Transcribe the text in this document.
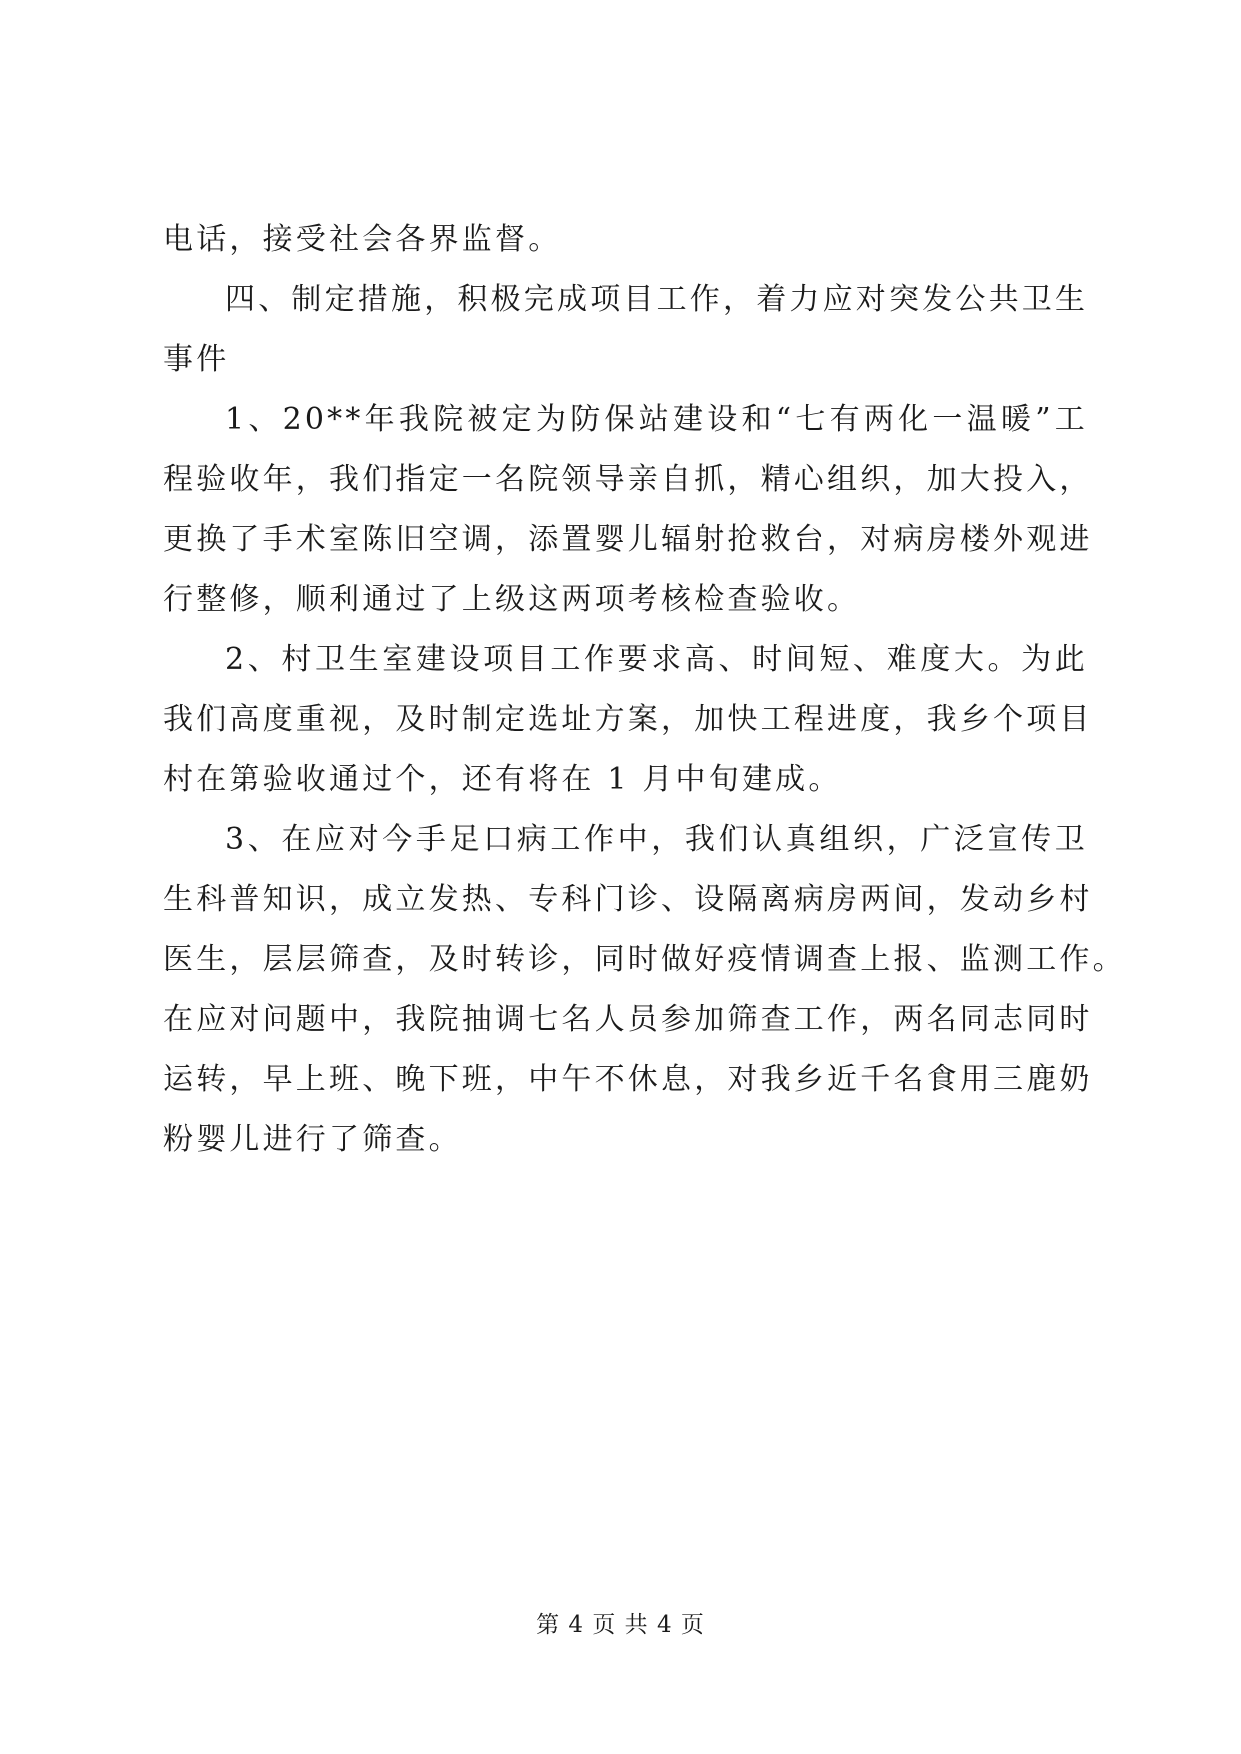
电话，接受社会各界监督。
四、制定措施，积极完成项目工作，着力应对突发公共卫生
事件
1、20**年我院被定为防保站建设和“七有两化一温暖”工
程验收年，我们指定一名院领导亲自抓，精心组织，加大投入，
更换了手术室陈旧空调，添置婴儿辐射抢救台，对病房楼外观进
行整修，顺利通过了上级这两项考核检查验收。
2、村卫生室建设项目工作要求高、时间短、难度大。为此
我们高度重视，及时制定选址方案，加快工程进度，我乡个项目
村在第验收通过个，还有将在 1 月中旬建成。
3、在应对今手足口病工作中，我们认真组织，广泛宣传卫
生科普知识，成立发热、专科门诊、设隔离病房两间，发动乡村
医生，层层筛查，及时转诊，同时做好疫情调查上报、监测工作。
在应对问题中，我院抽调七名人员参加筛查工作，两名同志同时
运转，早上班、晚下班，中午不休息，对我乡近千名食用三鹿奶
粉婴儿进行了筛查。
第 4 页 共 4 页
